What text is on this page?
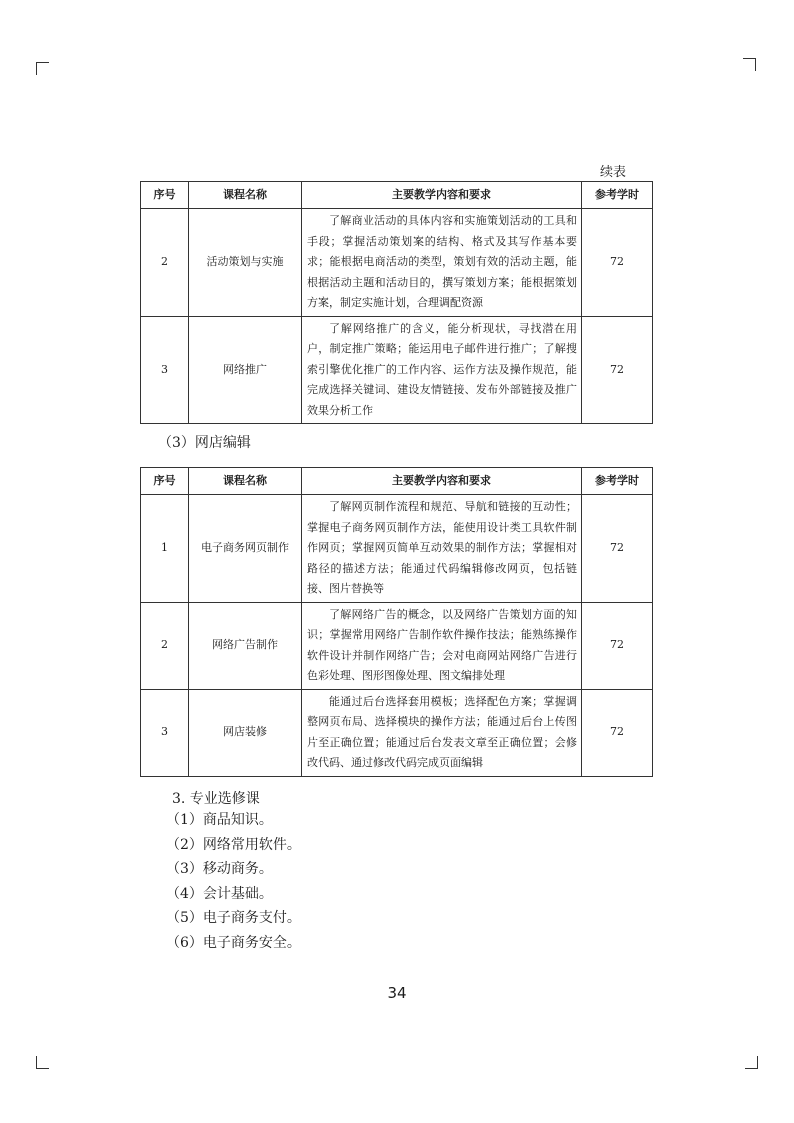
续表
序号	课程名称	主要教学内容和要求	参考学时
2	活动策划与实施	了解商业活动的具体内容和实施策划活动的工具和手段；掌握活动策划案的结构、格式及其写作基本要求；能根据电商活动的类型，策划有效的活动主题，能根据活动主题和活动目的，撰写策划方案；能根据策划方案，制定实施计划，合理调配资源	72
3	网络推广	了解网络推广的含义，能分析现状，寻找潜在用户，制定推广策略；能运用电子邮件进行推广；了解搜索引擎优化推广的工作内容、运作方法及操作规范，能完成选择关键词、建设友情链接、发布外部链接及推广效果分析工作	72
（3）网店编辑
序号	课程名称	主要教学内容和要求	参考学时
1	电子商务网页制作	了解网页制作流程和规范、导航和链接的互动性；掌握电子商务网页制作方法，能使用设计类工具软件制作网页；掌握网页简单互动效果的制作方法；掌握相对路径的描述方法；能通过代码编辑修改网页，包括链接、图片替换等	72
2	网络广告制作	了解网络广告的概念，以及网络广告策划方面的知识；掌握常用网络广告制作软件操作技法；能熟练操作软件设计并制作网络广告；会对电商网站网络广告进行色彩处理、图形图像处理、图文编排处理	72
3	网店装修	能通过后台选择套用模板；选择配色方案；掌握调整网页布局、选择模块的操作方法；能通过后台上传图片至正确位置；能通过后台发表文章至正确位置；会修改代码、通过修改代码完成页面编辑	72
3. 专业选修课
（1）商品知识。
（2）网络常用软件。
（3）移动商务。
（4）会计基础。
（5）电子商务支付。
（6）电子商务安全。
34
